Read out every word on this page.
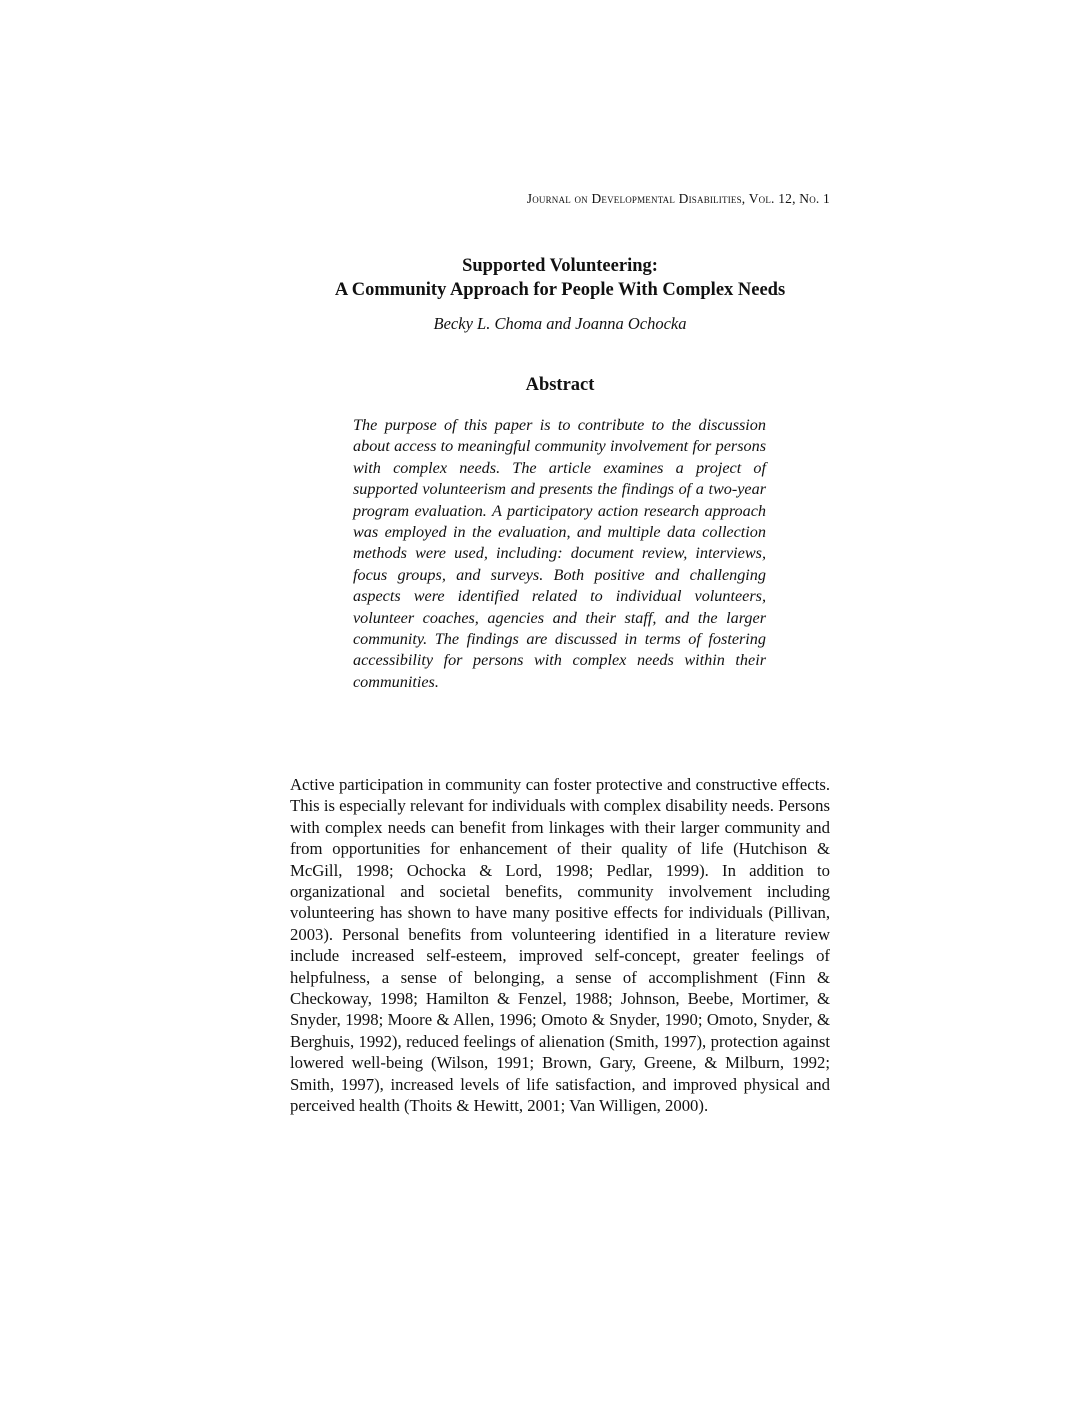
Journal on Developmental Disabilities, Vol. 12, No. 1
Supported Volunteering:
A Community Approach for People With Complex Needs
Becky L. Choma and Joanna Ochocka
Abstract

The purpose of this paper is to contribute to the discussion about access to meaningful community involvement for persons with complex needs. The article examines a project of supported volunteerism and presents the findings of a two-year program evaluation. A participatory action research approach was employed in the evaluation, and multiple data collection methods were used, including: document review, interviews, focus groups, and surveys. Both positive and challenging aspects were identified related to individual volunteers, volunteer coaches, agencies and their staff, and the larger community. The findings are discussed in terms of fostering accessibility for persons with complex needs within their communities.

Active participation in community can foster protective and constructive effects. This is especially relevant for individuals with complex disability needs. Persons with complex needs can benefit from linkages with their larger community and from opportunities for enhancement of their quality of life (Hutchison & McGill, 1998; Ochocka & Lord, 1998; Pedlar, 1999). In addition to organizational and societal benefits, community involvement including volunteering has shown to have many positive effects for individuals (Pillivan, 2003). Personal benefits from volunteering identified in a literature review include increased self-esteem, improved self-concept, greater feelings of helpfulness, a sense of belonging, a sense of accomplishment (Finn & Checkoway, 1998; Hamilton & Fenzel, 1988; Johnson, Beebe, Mortimer, & Snyder, 1998; Moore & Allen, 1996; Omoto & Snyder, 1990; Omoto, Snyder, & Berghuis, 1992), reduced feelings of alienation (Smith, 1997), protection against lowered well-being (Wilson, 1991; Brown, Gary, Greene, & Milburn, 1992; Smith, 1997), increased levels of life satisfaction, and improved physical and perceived health (Thoits & Hewitt, 2001; Van Willigen, 2000).
